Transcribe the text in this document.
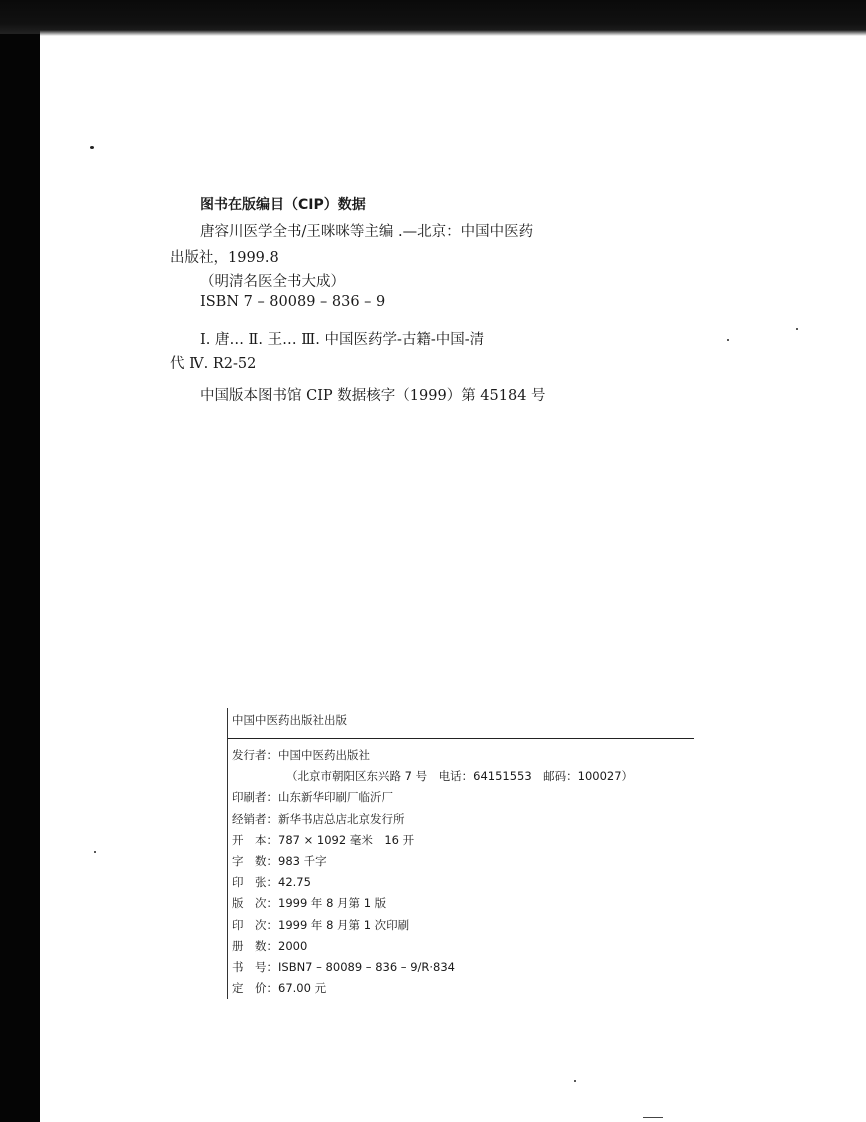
图书在版编目（CIP）数据
唐容川医学全书/王咪咪等主编 .—北京：中国中医药
出版社，1999.8
（明清名医全书大成）
ISBN 7 – 80089 – 836 – 9
Ⅰ. 唐… Ⅱ. 王… Ⅲ. 中国医药学-古籍-中国-清
代 Ⅳ. R2-52
中国版本图书馆 CIP 数据核字（1999）第 45184 号
中国中医药出版社出版
发行者：中国中医药出版社
（北京市朝阳区东兴路 7 号　电话：64151553　邮码：100027）
印刷者：山东新华印刷厂临沂厂
经销者：新华书店总店北京发行所
开　本：787 × 1092 毫米　16 开
字　数：983 千字
印　张：42.75
版　次：1999 年 8 月第 1 版
印　次：1999 年 8 月第 1 次印刷
册　数：2000
书　号：ISBN7 – 80089 – 836 – 9/R·834
定　价：67.00 元
